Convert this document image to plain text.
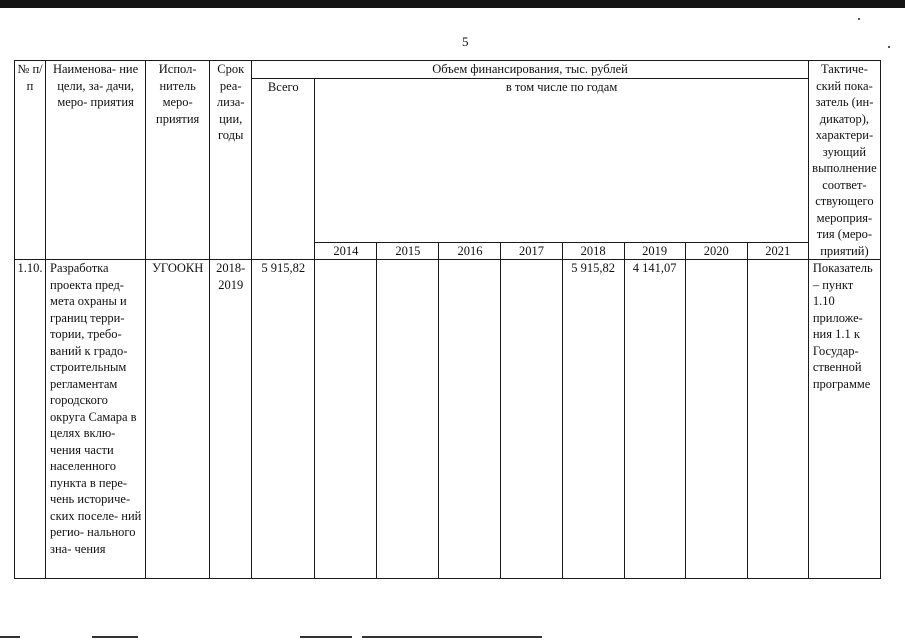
5
№ п/п	Наименова- ние цели, за- дачи, меро- приятия	Испол- нитель меро- приятия	Срок реа- лиза- ции, годы	Объем финансирования, тыс. рублей									Тактиче- ский пока- затель (ин- дикатор), характери- зующий выполнение соответ- ствующего мероприя- тия (меро- приятий)
				Всего	в том числе по годам								
					2014	2015	2016	2017	2018	2019	2020	2021	
1.10.	Разработка проекта пред- мета охраны и границ терри- тории, требо- ваний к градо- строительным регламентам городского округа Самара в целях вклю- чения части населенного пункта в пере- чень историче- ских поселе- ний регио- нального зна- чения	УГООКН	2018- 2019	5 915,82					5 915,82	4 141,07			Показатель – пункт 1.10 приложе- ния 1.1 к Государ- ственной программе
